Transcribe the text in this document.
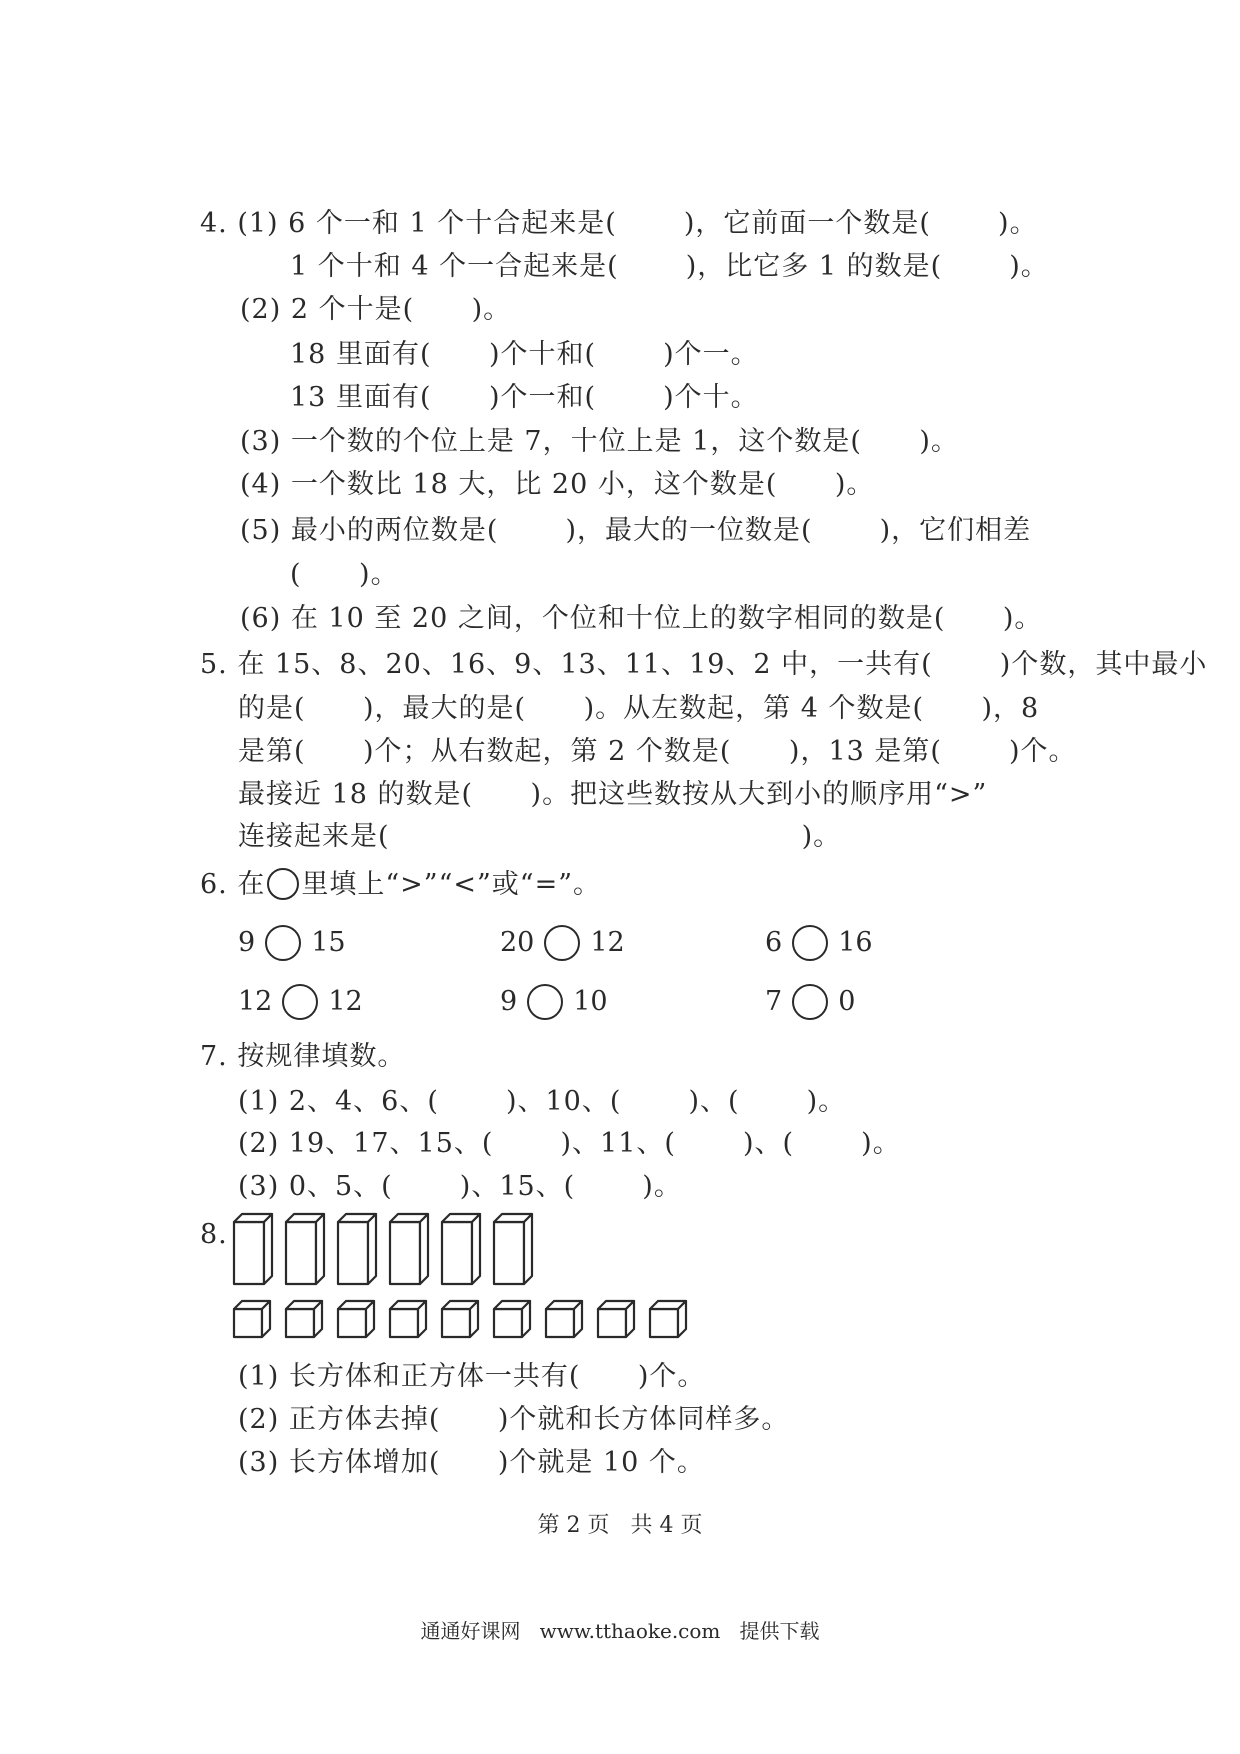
4. (1) 6 个一和 1 个十合起来是(       )，它前面一个数是(       )。
1 个十和 4 个一合起来是(       )，比它多 1 的数是(       )。
(2) 2 个十是(      )。
18 里面有(      )个十和(       )个一。
13 里面有(      )个一和(       )个十。
(3) 一个数的个位上是 7，十位上是 1，这个数是(      )。
(4) 一个数比 18 大，比 20 小，这个数是(      )。
(5) 最小的两位数是(       )，最大的一位数是(       )，它们相差
(      )。
(6) 在 10 至 20 之间，个位和十位上的数字相同的数是(      )。
5. 在 15、8、20、16、9、13、11、19、2 中，一共有(       )个数，其中最小
的是(      )，最大的是(      )。从左数起，第 4 个数是(      )，8
是第(      )个；从右数起，第 2 个数是(      )，13 是第(       )个。
最接近 18 的数是(      )。把这些数按从大到小的顺序用“>”
连接起来是(                                           )。
6. 在 里填上“>”“<”或“=”。
9 15	20 12	6 16
12 12	9 10	7 0
7. 按规律填数。
(1) 2、4、6、(       )、10、(       )、(       )。
(2) 19、17、15、(       )、11、(       )、(       )。
(3) 0、5、(       )、15、(       )。
8.
(1) 长方体和正方体一共有(      )个。
(2) 正方体去掉(      )个就和长方体同样多。
(3) 长方体增加(      )个就是 10 个。
第 2 页   共 4 页
通通好课网   www.tthaoke.com   提供下载
